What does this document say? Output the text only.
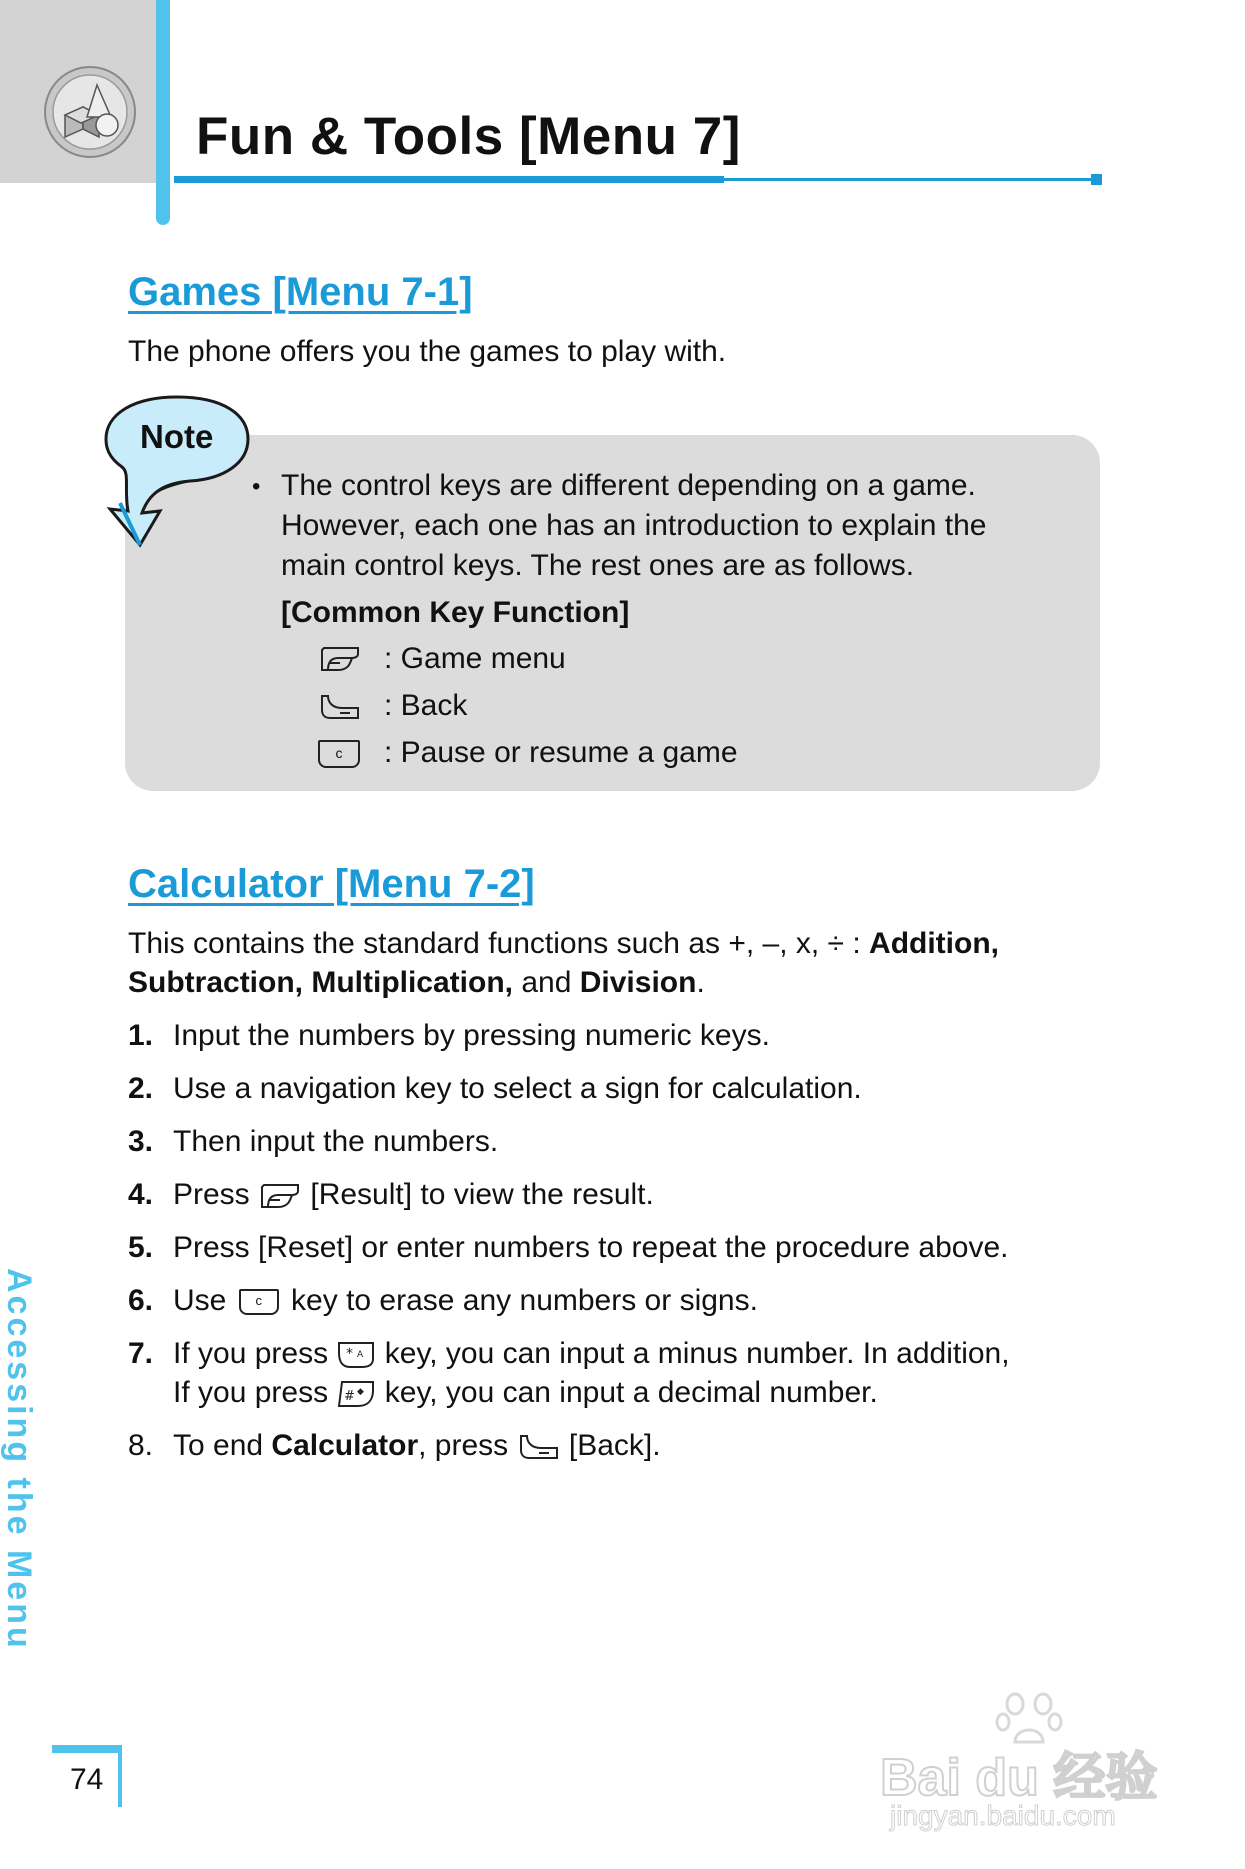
Fun & Tools [Menu 7]
Games [Menu 7-1]
The phone offers you the games to play with.
Note
• The control keys are different depending on a game.
However, each one has an introduction to explain the
main control keys. The rest ones are as follows.
[Common Key Function]
: Game menu
: Back
c	: Pause or resume a game
Calculator [Menu 7-2]
This contains the standard functions such as +, –, x, ÷ : Addition,
Subtraction, Multiplication, and Division.
1. Input the numbers by pressing numeric keys.
2. Use a navigation key to select a sign for calculation.
3. Then input the numbers.
4. Press [Result] to view the result.
5. Press [Reset] or enter numbers to repeat the procedure above.
6. Use c key to erase any numbers or signs.
7. If you press * A key, you can input a minus number. In addition,
If you press # ◆ key, you can input a decimal number.
8. To end Calculator, press [Back].
Accessing the Menu
74	Bai du 经验
jingyan.baidu.com
